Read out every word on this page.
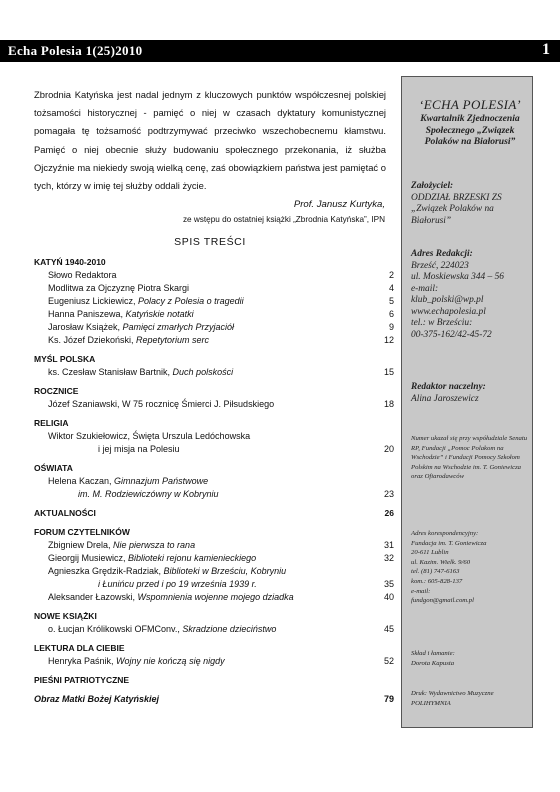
Echa Polesia 1(25)2010	1
Zbrodnia Katyńska jest nadal jednym z kluczowych punktów współczesnej polskiej tożsamości historycznej - pamięć o niej w czasach dyktatury komunistycznej pomagała tę tożsamość podtrzymywać przeciwko wszechobecnemu kłamstwu. Pamięć o niej obecnie służy budowaniu społecznego przekonania, iż służba Ojczyźnie ma niekiedy swoją wielką cenę, zaś obowiązkiem państwa jest pamiętać o tych, którzy w imię tej służby oddali życie.
Prof. Janusz Kurtyka,
ze wstępu do ostatniej książki „Zbrodnia Katyńska”, IPN
SPIS TREŚCI
KATYŃ 1940-2010
Słowo Redaktora	2
Modlitwa za Ojczyznę Piotra Skargi	4
Eugeniusz Lickiewicz, Polacy z Polesia o tragedii	5
Hanna Paniszewa, Katyńskie notatki	6
Jarosław Książek, Pamięci zmarłych Przyjaciół	9
Ks. Józef Dziekoński, Repetytorium serc	12
MYŚL POLSKA
ks. Czesław Stanisław Bartnik, Duch polskości	15
ROCZNICE
Józef Szaniawski, W 75 rocznicę Śmierci J. Piłsudskiego	18
RELIGIA
Wiktor Szukiełowicz, Święta Urszula Ledóchowska
i jej misja na Polesiu	20
OŚWIATA
Helena Kaczan, Gimnazjum Państwowe
im. M. Rodziewiczówny w Kobryniu	23
AKTUALNOŚCI	26
FORUM CZYTELNIKÓW
Zbigniew Drela, Nie pierwsza to rana	31
Gieorgij Musiewicz, Biblioteki rejonu kamienieckiego	32
Agnieszka Grędzik-Radziak, Biblioteki w Brześciu, Kobryniu
i Łunińcu przed i po 19 września 1939 r.	35
Aleksander Łazowski, Wspomnienia wojenne mojego dziadka	40
NOWE KSIĄŻKI
o. Łucjan Królikowski OFMConv., Skradzione dzieciństwo	45
LEKTURA DLA CIEBIE
Henryka Paśnik, Wojny nie kończą się nigdy	52
PIEŚNI PATRIOTYCZNE
Obraz Matki Bożej Katyńskiej	79
‘ECHA POLESIA’
Kwartalnik Zjednoczenia Społecznego „Związek Polaków na Białorusi”
Założyciel:
ODDZIAŁ BRZESKI ZS „Związek Polaków na Białorusi”
Adres Redakcji:
Brześć, 224023
ul. Moskiewska 344 – 56
e-mail:
klub_polski@wp.pl
www.echapolesia.pl
tel.: w Brześciu:
00-375-162/42-45-72
Redaktor naczelny:
Alina Jaroszewicz
Numer ukazał się przy współudziale Senatu RP, Fundacji „Pomoc Polakom na Wschodzie” i Fundacji Pomocy Szkołom Polskim na Wschodzie im. T. Goniewicza oraz Ofiarodawców
Adres korespondencyjny:
Fundacja im. T. Goniewicza
20-611 Lublin
ul. Kazim. Wielk. 9/60
tel. (81) 747-6163
kom.: 605-828-137
e-mail:
fundgon@gmail.com.pl
Skład i łamanie:
Dorota Kapusta
Druk: Wydawnictwo Muzyczne POLIHYMNIA
